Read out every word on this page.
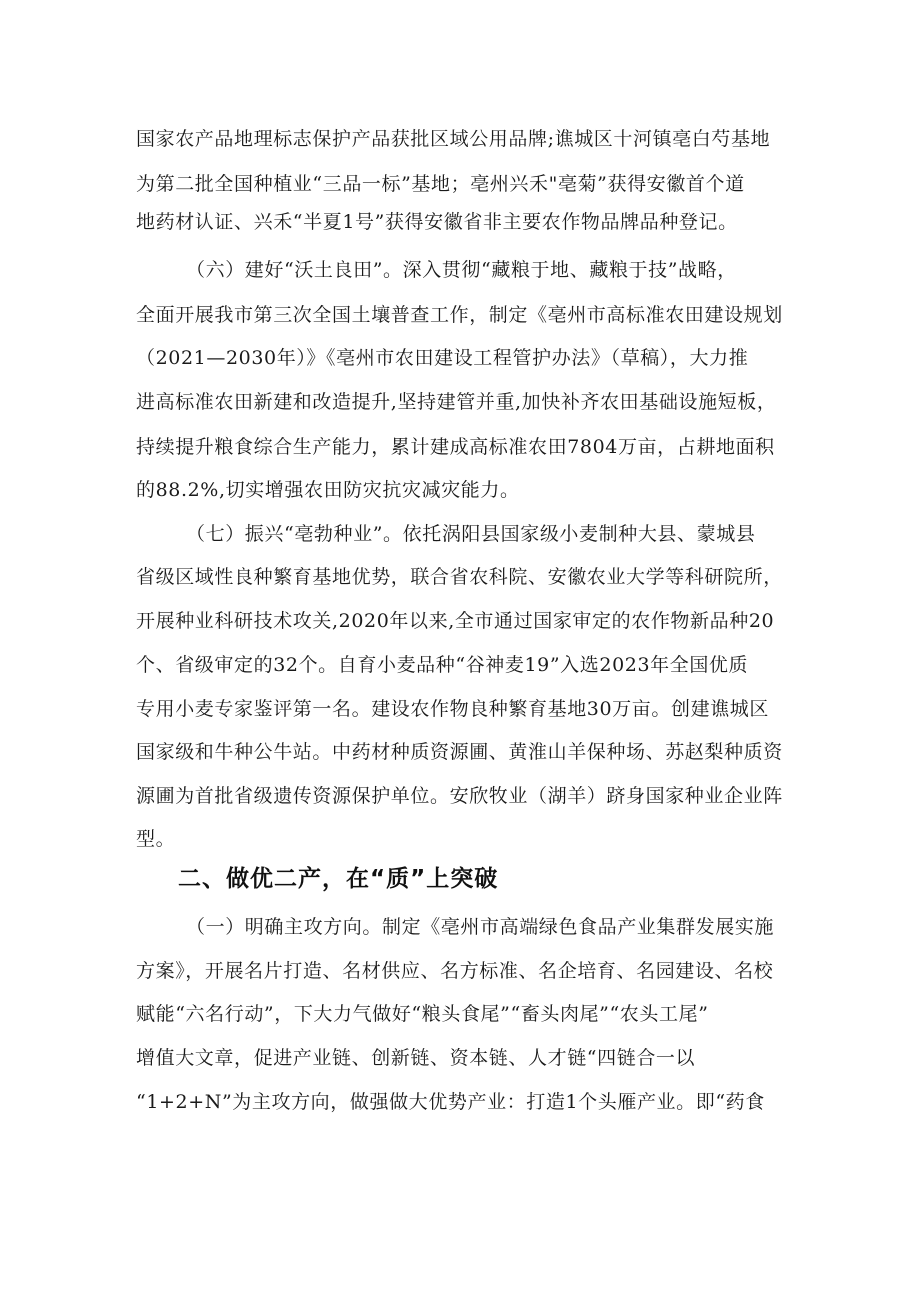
国家农产品地理标志保护产品获批区域公用品牌;谯城区十河镇亳白芍基地

为第二批全国种植业“三品一标”基地；亳州兴禾"亳菊”获得安徽首个道

地药材认证、兴禾“半夏1号”获得安徽省非主要农作物品牌品种登记。

（六）建好“沃土良田”。深入贯彻“藏粮于地、藏粮于技”战略，

全面开展我市第三次全国土壤普查工作，制定《亳州市高标准农田建设规划

（2021—2030年）》《亳州市农田建设工程管护办法》（草稿），大力推

进高标准农田新建和改造提升,坚持建管并重,加快补齐农田基础设施短板，

持续提升粮食综合生产能力，累计建成高标准农田7804万亩，占耕地面积

的88.2%,切实增强农田防灾抗灾减灾能力。

（七）振兴“亳勃种业”。依托涡阳县国家级小麦制种大县、蒙城县

省级区域性良种繁育基地优势，联合省农科院、安徽农业大学等科研院所，

开展种业科研技术攻关,2020年以来,全市通过国家审定的农作物新品种20

个、省级审定的32个。自育小麦品种“谷神麦19”入选2023年全国优质

专用小麦专家鉴评第一名。建设农作物良种繁育基地30万亩。创建谯城区

国家级和牛种公牛站。中药材种质资源圃、黄淮山羊保种场、苏赵梨种质资

源圃为首批省级遗传资源保护单位。安欣牧业（湖羊）跻身国家种业企业阵

型。

二、做优二产，在“质”上突破

（一）明确主攻方向。制定《亳州市高端绿色食品产业集群发展实施

方案》，开展名片打造、名材供应、名方标准、名企培育、名园建设、名校

赋能“六名行动”，下大力气做好“粮头食尾”“畜头肉尾”“农头工尾”

增值大文章，促进产业链、创新链、资本链、人才链“四链合一以

“1+2+N”为主攻方向，做强做大优势产业：打造1个头雁产业。即“药食
